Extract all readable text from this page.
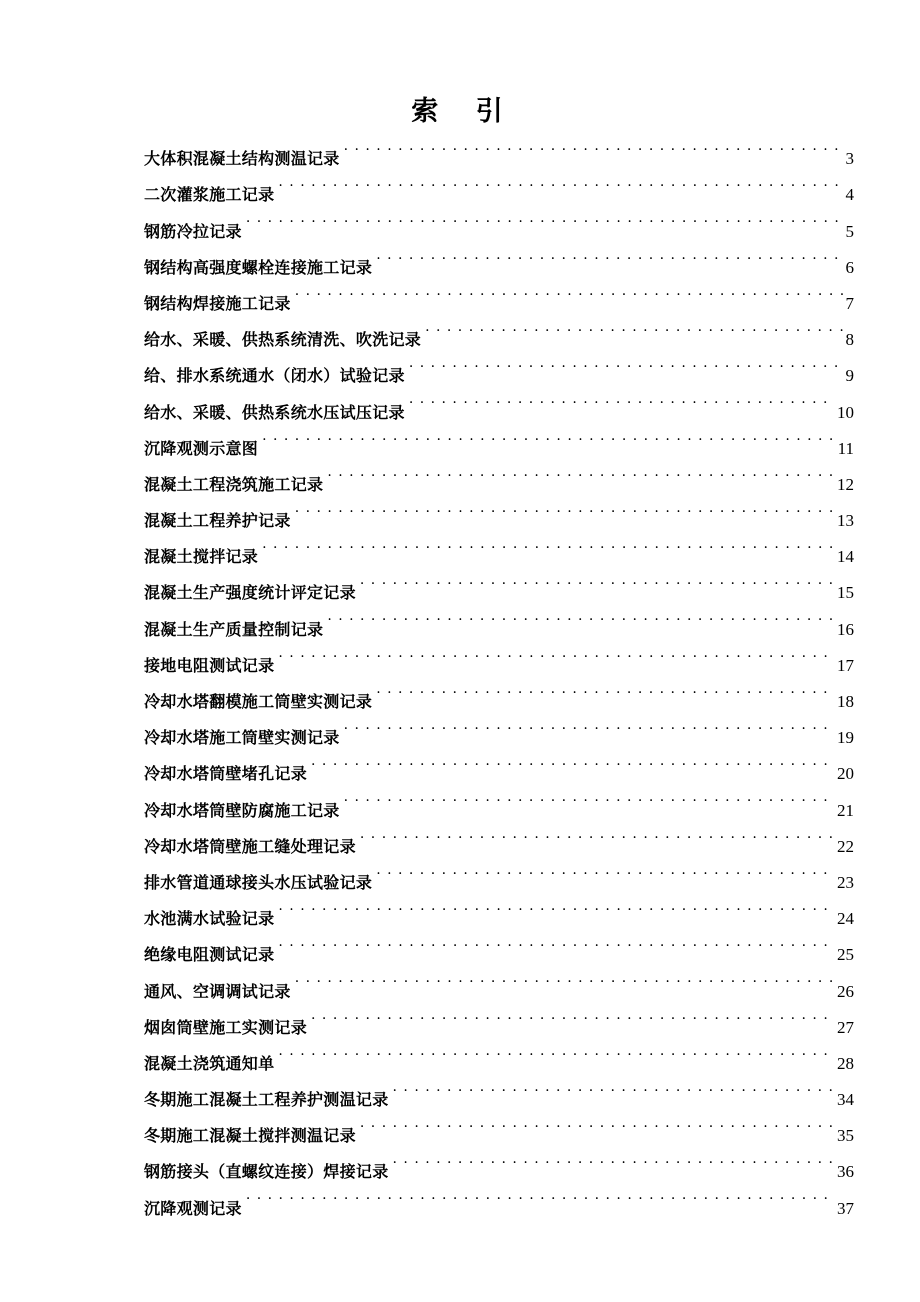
索 引
大体积混凝土结构测温记录 . . .	3
二次灌浆施工记录 . . .	4
钢筋冷拉记录 . . .	5
钢结构高强度螺栓连接施工记录 . . .	6
钢结构焊接施工记录 . . .	7
给水、采暖、供热系统清洗、吹洗记录 . . .	8
给、排水系统通水（闭水）试验记录 . . .	9
给水、采暖、供热系统水压试压记录 . . .	10
沉降观测示意图 . . .	11
混凝土工程浇筑施工记录 . . .	12
混凝土工程养护记录 . . .	13
混凝土搅拌记录 . . .	14
混凝土生产强度统计评定记录 . . .	15
混凝土生产质量控制记录 . . .	16
接地电阻测试记录 . . .	17
冷却水塔翻模施工筒壁实测记录 . . .	18
冷却水塔施工筒壁实测记录 . . .	19
冷却水塔筒壁堵孔记录 . . .	20
冷却水塔筒壁防腐施工记录 . . .	21
冷却水塔筒壁施工缝处理记录 . . .	22
排水管道通球接头水压试验记录 . . .	23
水池满水试验记录 . . .	24
绝缘电阻测试记录 . . .	25
通风、空调调试记录 . . .	26
烟囱筒壁施工实测记录 . . .	27
混凝土浇筑通知单 . . .	28
冬期施工混凝土工程养护测温记录 . . .	34
冬期施工混凝土搅拌测温记录 . . .	35
钢筋接头（直螺纹连接）焊接记录 . . .	36
沉降观测记录 . . .	37
